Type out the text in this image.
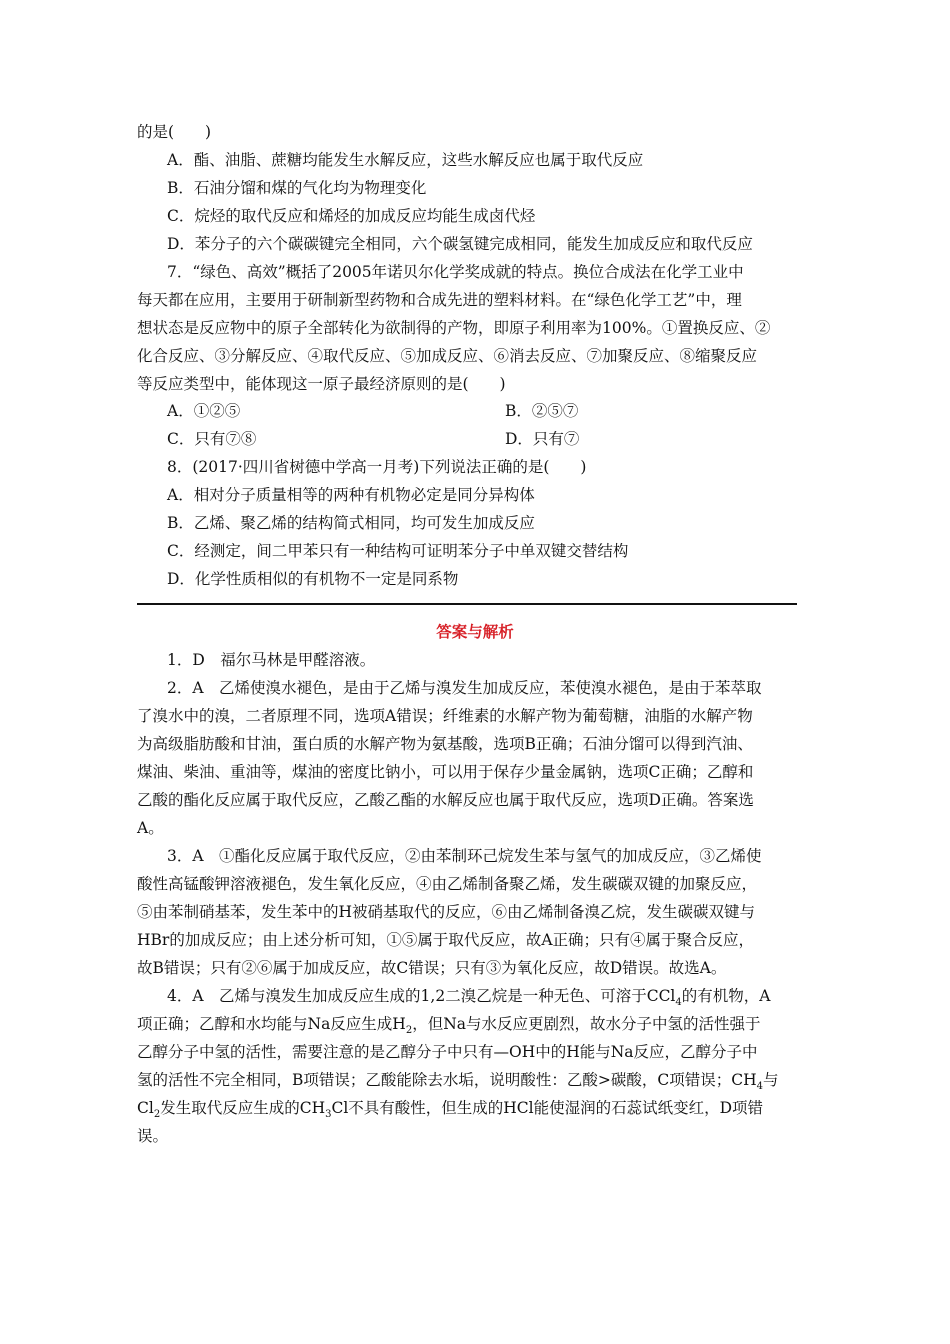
的是(　　)
A．酯、油脂、蔗糖均能发生水解反应，这些水解反应也属于取代反应
B．石油分馏和煤的气化均为物理变化
C．烷烃的取代反应和烯烃的加成反应均能生成卤代烃
D．苯分子的六个碳碳键完全相同，六个碳氢键完成相同，能发生加成反应和取代反应
7．“绿色、高效”概括了2005年诺贝尔化学奖成就的特点。换位合成法在化学工业中
每天都在应用，主要用于研制新型药物和合成先进的塑料材料。在“绿色化学工艺”中，理
想状态是反应物中的原子全部转化为欲制得的产物，即原子利用率为100%。①置换反应、②
化合反应、③分解反应、④取代反应、⑤加成反应、⑥消去反应、⑦加聚反应、⑧缩聚反应
等反应类型中，能体现这一原子最经济原则的是(　　)
A．①②⑤	B．②⑤⑦
C．只有⑦⑧	D．只有⑦
8．(2017·四川省树德中学高一月考)下列说法正确的是(　　)
A．相对分子质量相等的两种有机物必定是同分异构体
B．乙烯、聚乙烯的结构简式相同，均可发生加成反应
C．经测定，间二甲苯只有一种结构可证明苯分子中单双键交替结构
D．化学性质相似的有机物不一定是同系物
答案与解析
1．D　福尔马林是甲醛溶液。
2．A　乙烯使溴水褪色，是由于乙烯与溴发生加成反应，苯使溴水褪色，是由于苯萃取
了溴水中的溴，二者原理不同，选项A错误；纤维素的水解产物为葡萄糖，油脂的水解产物
为高级脂肪酸和甘油，蛋白质的水解产物为氨基酸，选项B正确；石油分馏可以得到汽油、
煤油、柴油、重油等，煤油的密度比钠小，可以用于保存少量金属钠，选项C正确；乙醇和
乙酸的酯化反应属于取代反应，乙酸乙酯的水解反应也属于取代反应，选项D正确。答案选
A。
3．A　①酯化反应属于取代反应，②由苯制环己烷发生苯与氢气的加成反应，③乙烯使
酸性高锰酸钾溶液褪色，发生氧化反应，④由乙烯制备聚乙烯，发生碳碳双键的加聚反应，
⑤由苯制硝基苯，发生苯中的H被硝基取代的反应，⑥由乙烯制备溴乙烷，发生碳碳双键与
HBr的加成反应；由上述分析可知，①⑤属于取代反应，故A正确；只有④属于聚合反应，
故B错误；只有②⑥属于加成反应，故C错误；只有③为氧化反应，故D错误。故选A。
4．A　乙烯与溴发生加成反应生成的1,2二溴乙烷是一种无色、可溶于CCl$_4$的有机物，A
项正确；乙醇和水均能与Na反应生成$H_2$，但Na与水反应更剧烈，故水分子中氢的活性强于
乙醇分子中氢的活性，需要注意的是乙醇分子中只有—OH中的H能与Na反应，乙醇分子中
氢的活性不完全相同，B项错误；乙酸能除去水垢，说明酸性：乙酸>碳酸，C项错误；$CH_4$与
$Cl_2$发生取代反应生成的$CH_3Cl$不具有酸性，但生成的HCl能使湿润的石蕊试纸变红，D项错
误。
